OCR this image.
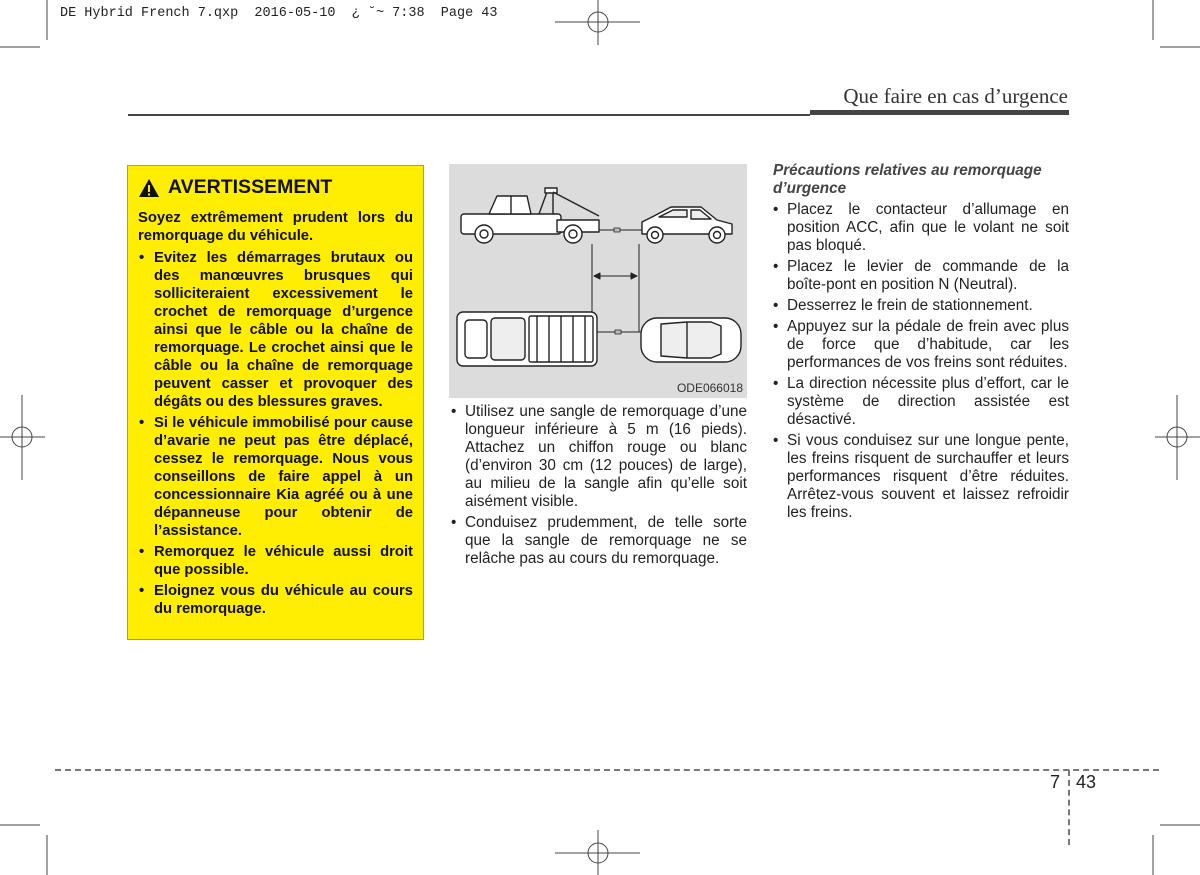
DE Hybrid French 7.qxp  2016-05-10  ¿ ˘~ 7:38  Page 43
Que faire en cas d’urgence
AVERTISSEMENT

Soyez extrêmement prudent lors du remorquage du véhicule.

• Evitez les démarrages brutaux ou des manœuvres brusques qui solliciteraient excessivement le crochet de remorquage d’urgence ainsi que le câble ou la chaîne de remorquage. Le crochet ainsi que le câble ou la chaîne de remorquage peuvent casser et provoquer des dégâts ou des blessures graves.
• Si le véhicule immobilisé pour cause d’avarie ne peut pas être déplacé, cessez le remorquage. Nous vous conseillons de faire appel à un concessionnaire Kia agréé ou à une dépanneuse pour obtenir de l’assistance.
• Remorquez le véhicule aussi droit que possible.
• Eloignez vous du véhicule au cours du remorquage.
ODE066018
• Utilisez une sangle de remorquage d’une longueur inférieure à 5 m (16 pieds). Attachez un chiffon rouge ou blanc (d’environ 30 cm (12 pouces) de large), au milieu de la sangle afin qu’elle soit aisément visible.
• Conduisez prudemment, de telle sorte que la sangle de remorquage ne se relâche pas au cours du remorquage.
Précautions relatives au remorquage d’urgence
• Placez le contacteur d’allumage en position ACC, afin que le volant ne soit pas bloqué.
• Placez le levier de commande de la boîte-pont en position N (Neutral).
• Desserrez le frein de stationnement.
• Appuyez sur la pédale de frein avec plus de force que d’habitude, car les performances de vos freins sont réduites.
• La direction nécessite plus d’effort, car le système de direction assistée est désactivé.
• Si vous conduisez sur une longue pente, les freins risquent de surchauffer et leurs performances risquent d’être réduites. Arrêtez-vous souvent et laissez refroidir les freins.
7 43
